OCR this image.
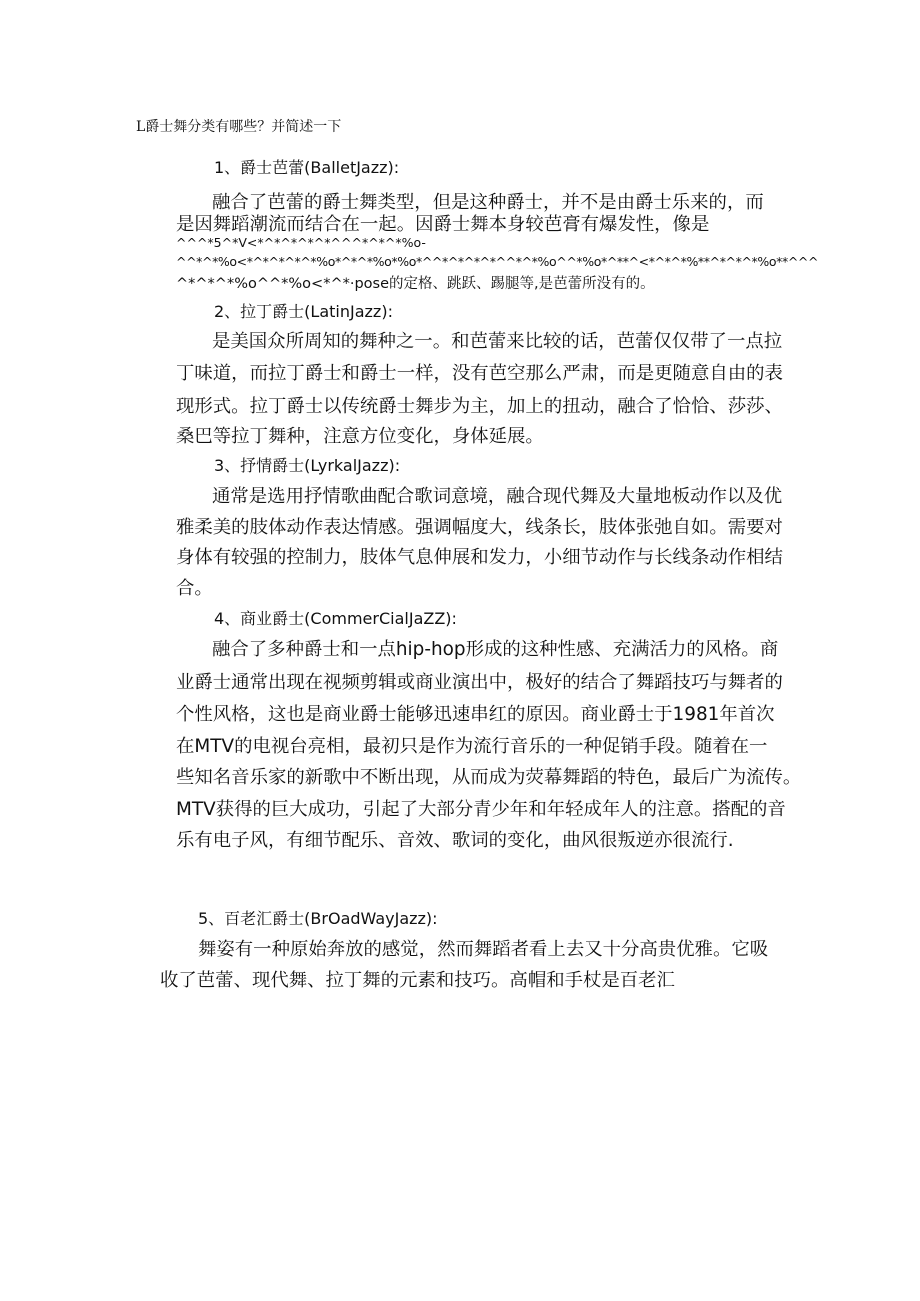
L爵士舞分类有哪些？并简述一下
1、爵士芭蕾(BalletJazz):
融合了芭蕾的爵士舞类型，但是这种爵士，并不是由爵士乐来的，而
是因舞蹈潮流而结合在一起。因爵士舞本身较芭膏有爆发性，像是
^^^*5^*V<*^*^*^*^*^^^*^*^*%o-
^^*^*%o<*^*^*^*^*%o*^*^*%o*%o*^^*^*^*^*^^*^*%o^^*%o*^**^<*^*^*%**^*^*^*%o**^^^
^*^*^*%o^^*%o<*^*·pose的定格、跳跃、踢腿等,是芭蕾所没有的。
2、拉丁爵士(LatinJazz):
是美国众所周知的舞种之一。和芭蕾来比较的话，芭蕾仅仅带了一点拉
丁味道，而拉丁爵士和爵士一样，没有芭空那么严肃，而是更随意自由的表
现形式。拉丁爵士以传统爵士舞步为主，加上的扭动，融合了恰恰、莎莎、
桑巴等拉丁舞种，注意方位变化，身体延展。
3、抒情爵士(LyrkalJazz):
通常是选用抒情歌曲配合歌词意境，融合现代舞及大量地板动作以及优
雅柔美的肢体动作表达情感。强调幅度大，线条长，肢体张弛自如。需要对
身体有较强的控制力，肢体气息伸展和发力，小细节动作与长线条动作相结
合。
4、商业爵士(CommerCialJaZZ):
融合了多种爵士和一点hip-hop形成的这种性感、充满活力的风格。商
业爵士通常出现在视频剪辑或商业演出中，极好的结合了舞蹈技巧与舞者的
个性风格，这也是商业爵士能够迅速串红的原因。商业爵士于1981年首次
在MTV的电视台亮相，最初只是作为流行音乐的一种促销手段。随着在一
些知名音乐家的新歌中不断出现，从而成为荧幕舞蹈的特色，最后广为流传。
MTV获得的巨大成功，引起了大部分青少年和年轻成年人的注意。搭配的音
乐有电子风，有细节配乐、音效、歌词的变化，曲风很叛逆亦很流行.
5、百老汇爵士(BrOadWayJazz):
舞姿有一种原始奔放的感觉，然而舞蹈者看上去又十分高贵优雅。它吸
收了芭蕾、现代舞、拉丁舞的元素和技巧。高帽和手杖是百老汇
